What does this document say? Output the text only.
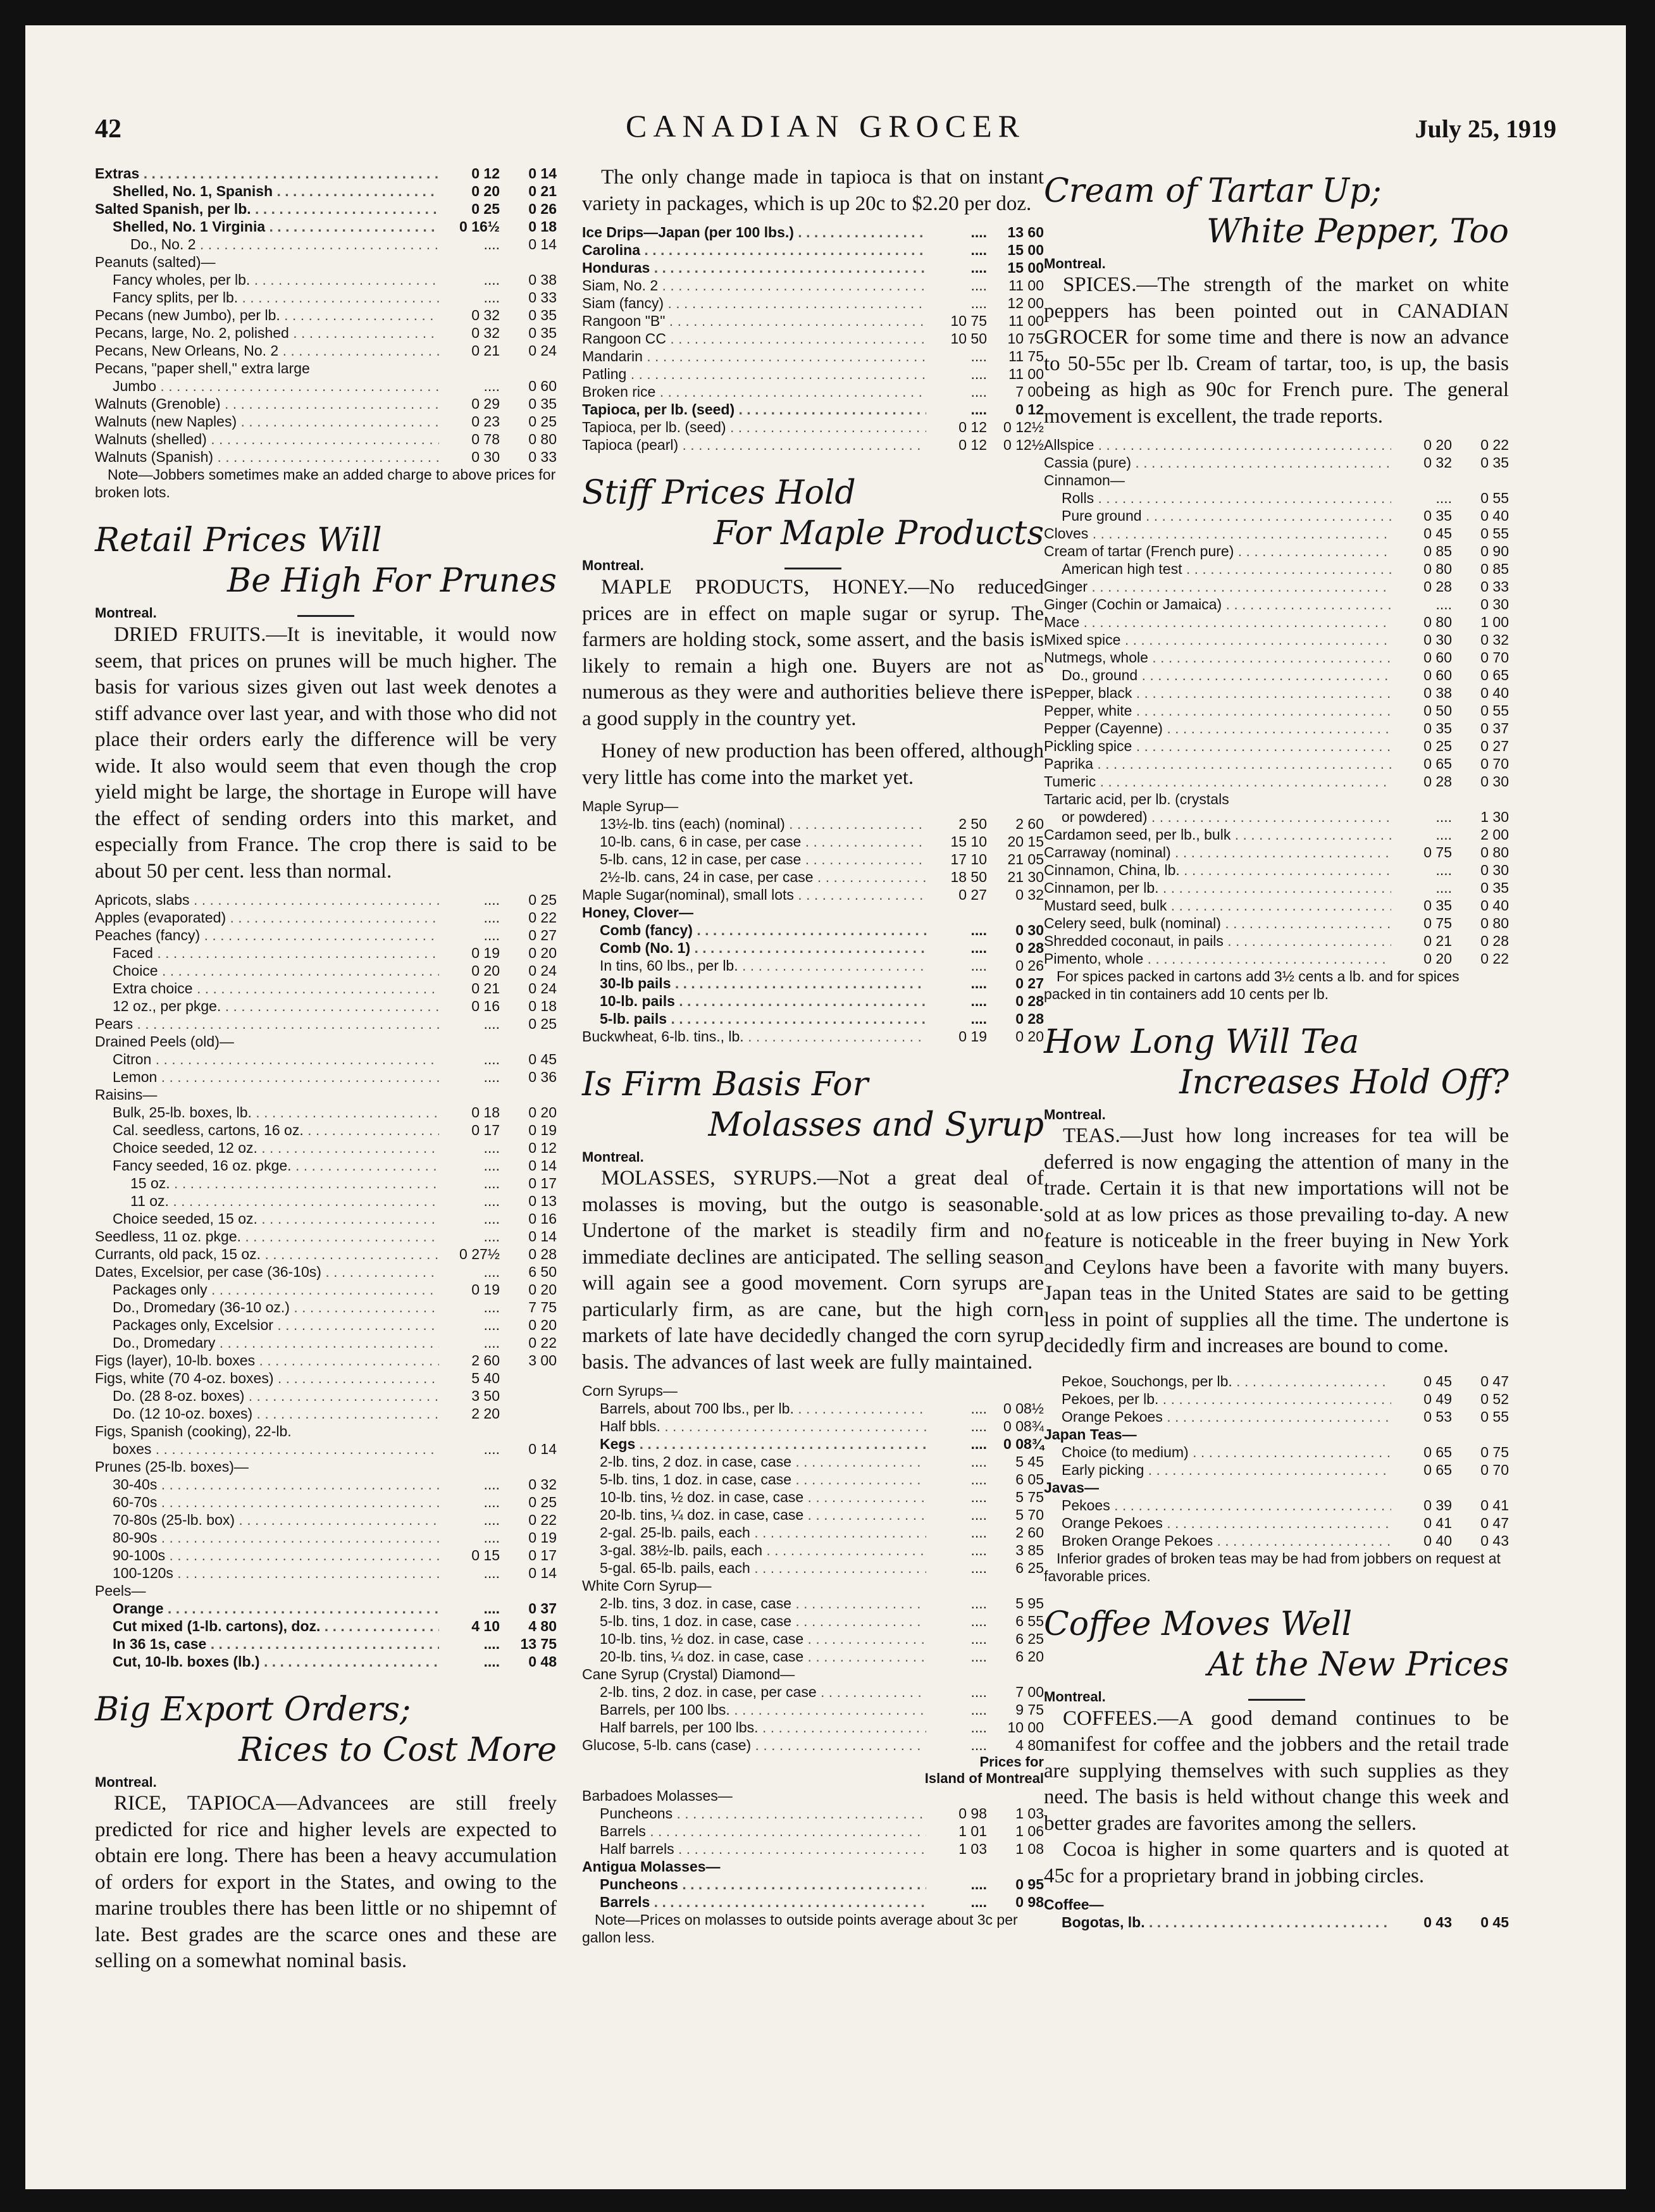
42	CANADIAN GROCER	July 25, 1919
Extras . . .	0 12	0 14
Shelled, No. 1, Spanish . . .	0 20	0 21
Salted Spanish, per lb. . . .	0 25	0 26
Shelled, No. 1 Virginia . . .	0 16½	0 18
Do., No. 2 . . .	....	0 14
Peanuts (salted)—		
Fancy wholes, per lb. . . .	....	0 38
Fancy splits, per lb. . . .	....	0 33
Pecans (new Jumbo), per lb. . . .	0 32	0 35
Pecans, large, No. 2, polished . . .	0 32	0 35
Pecans, New Orleans, No. 2 . . .	0 21	0 24
Pecans, "paper shell," extra large		
Jumbo . . .	....	0 60
Walnuts (Grenoble) . . .	0 29	0 35
Walnuts (new Naples) . . .	0 23	0 25
Walnuts (shelled) . . .	0 78	0 80
Walnuts (Spanish) . . .	0 30	0 33

Note—Jobbers sometimes make an added charge to above prices for broken lots.

Retail Prices Will
Be High For Prunes
Montreal.

DRIED FRUITS.—It is inevitable, it would now seem, that prices on prunes will be much higher. The basis for various sizes given out last week denotes a stiff advance over last year, and with those who did not place their orders early the difference will be very wide. It also would seem that even though the crop yield might be large, the shortage in Europe will have the effect of sending orders into this market, and especially from France. The crop there is said to be about 50 per cent. less than normal.

Apricots, slabs . . .	....	0 25
Apples (evaporated) . . .	....	0 22
Peaches (fancy) . . .	....	0 27
Faced . . .	0 19	0 20
Choice . . .	0 20	0 24
Extra choice . . .	0 21	0 24
12 oz., per pkge. . . .	0 16	0 18
Pears . . .	....	0 25
Drained Peels (old)—		
Citron . . .	....	0 45
Lemon . . .	....	0 36
Raisins—		
Bulk, 25-lb. boxes, lb. . . .	0 18	0 20
Cal. seedless, cartons, 16 oz. . . .	0 17	0 19
Choice seeded, 12 oz. . . .	....	0 12
Fancy seeded, 16 oz. pkge. . . .	....	0 14
15 oz. . . .	....	0 17
11 oz. . . .	....	0 13
Choice seeded, 15 oz. . . .	....	0 16
Seedless, 11 oz. pkge. . . .	....	0 14
Currants, old pack, 15 oz. . . .	0 27½	0 28
Dates, Excelsior, per case (36-10s) . . .	....	6 50
Packages only . . .	0 19	0 20
Do., Dromedary (36-10 oz.) . . .	....	7 75
Packages only, Excelsior . . .	....	0 20
Do., Dromedary . . .	....	0 22
Figs (layer), 10-lb. boxes . . .	2 60	3 00
Figs, white (70 4-oz. boxes) . . .	5 40	
Do. (28 8-oz. boxes) . . .	3 50	
Do. (12 10-oz. boxes) . . .	2 20	
Figs, Spanish (cooking), 22-lb.		
boxes . . .	....	0 14
Prunes (25-lb. boxes)—		
30-40s . . .	....	0 32
60-70s . . .	....	0 25
70-80s (25-lb. box) . . .	....	0 22
80-90s . . .	....	0 19
90-100s . . .	0 15	0 17
100-120s . . .	....	0 14
Peels—		
Orange . . .	....	0 37
Cut mixed (1-lb. cartons), doz. . . .	4 10	4 80
In 36 1s, case . . .	....	13 75
Cut, 10-lb. boxes (lb.) . . .	....	0 48
Big Export Orders;
Rices to Cost More
Montreal.

RICE, TAPIOCA—Advancees are still freely predicted for rice and higher levels are expected to obtain ere long. There has been a heavy accumulation of orders for export in the States, and owing to the marine troubles there has been little or no shipemnt of late. Best grades are the scarce ones and these are selling on a somewhat nominal basis.

The only change made in tapioca is that on instant variety in packages, which is up 20c to $2.20 per doz.

Ice Drips—Japan (per 100 lbs.) . . .	....	13 60
Carolina . . .	....	15 00
Honduras . . .	....	15 00
Siam, No. 2 . . .	....	11 00
Siam (fancy) . . .	....	12 00
Rangoon "B" . . .	10 75	11 00
Rangoon CC . . .	10 50	10 75
Mandarin . . .	....	11 75
Patling . . .	....	11 00
Broken rice . . .	....	7 00
Tapioca, per lb. (seed) . . .	....	0 12
Tapioca, per lb. (seed) . . .	0 12	0 12½
Tapioca (pearl) . . .	0 12	0 12½
Stiff Prices Hold
For Maple Products
Montreal.

MAPLE PRODUCTS, HONEY.—No reduced prices are in effect on maple sugar or syrup. The farmers are holding stock, some assert, and the basis is likely to remain a high one. Buyers are not as numerous as they were and authorities believe there is a good supply in the country yet.

Honey of new production has been offered, although very little has come into the market yet.

Maple Syrup—		
13½-lb. tins (each) (nominal) . . .	2 50	2 60
10-lb. cans, 6 in case, per case . . .	15 10	20 15
5-lb. cans, 12 in case, per case . . .	17 10	21 05
2½-lb. cans, 24 in case, per case . . .	18 50	21 30
Maple Sugar(nominal), small lots . . .	0 27	0 32
Honey, Clover—		
Comb (fancy) . . .	....	0 30
Comb (No. 1) . . .	....	0 28
In tins, 60 lbs., per lb. . . .	....	0 26
30-lb pails . . .	....	0 27
10-lb. pails . . .	....	0 28
5-lb. pails . . .	....	0 28
Buckwheat, 6-lb. tins., lb. . . .	0 19	0 20
Is Firm Basis For
Molasses and Syrup
Montreal.

MOLASSES, SYRUPS.—Not a great deal of molasses is moving, but the outgo is seasonable. Undertone of the market is steadily firm and no immediate declines are anticipated. The selling season will again see a good movement. Corn syrups are particularly firm, as are cane, but the high corn markets of late have decidedly changed the corn syrup basis. The advances of last week are fully maintained.

Corn Syrups—		
Barrels, about 700 lbs., per lb. . . .	....	0 08½
Half bbls. . . .	....	0 08¾
Kegs . . .	....	0 08¾
2-lb. tins, 2 doz. in case, case . . .	....	5 45
5-lb. tins, 1 doz. in case, case . . .	....	6 05
10-lb. tins, ½ doz. in case, case . . .	....	5 75
20-lb. tins, ¼ doz. in case, case . . .	....	5 70
2-gal. 25-lb. pails, each . . .	....	2 60
3-gal. 38½-lb. pails, each . . .	....	3 85
5-gal. 65-lb. pails, each . . .	....	6 25
White Corn Syrup—		
2-lb. tins, 3 doz. in case, case . . .	....	5 95
5-lb. tins, 1 doz. in case, case . . .	....	6 55
10-lb. tins, ½ doz. in case, case . . .	....	6 25
20-lb. tins, ¼ doz. in case, case . . .	....	6 20
Cane Syrup (Crystal) Diamond—		
2-lb. tins, 2 doz. in case, per case . . .	....	7 00
Barrels, per 100 lbs. . . .	....	9 75
Half barrels, per 100 lbs. . . .	....	10 00
Glucose, 5-lb. cans (case) . . .	....	4 80
Prices for
Island of Montreal
Barbadoes Molasses—		
Puncheons . . .	0 98	1 03
Barrels . . .	1 01	1 06
Half barrels . . .	1 03	1 08
Antigua Molasses—		
Puncheons . . .	....	0 95
Barrels . . .	....	0 98

Note—Prices on molasses to outside points average about 3c per gallon less.

Cream of Tartar Up;
White Pepper, Too
Montreal.

SPICES.—The strength of the market on white peppers has been pointed out in CANADIAN GROCER for some time and there is now an advance to 50-55c per lb. Cream of tartar, too, is up, the basis being as high as 90c for French pure. The general movement is excellent, the trade reports.

Allspice . . .	0 20	0 22
Cassia (pure) . . .	0 32	0 35
Cinnamon—		
Rolls . . .	....	0 55
Pure ground . . .	0 35	0 40
Cloves . . .	0 45	0 55
Cream of tartar (French pure) . . .	0 85	0 90
American high test . . .	0 80	0 85
Ginger . . .	0 28	0 33
Ginger (Cochin or Jamaica) . . .	....	0 30
Mace . . .	0 80	1 00
Mixed spice . . .	0 30	0 32
Nutmegs, whole . . .	0 60	0 70
Do., ground . . .	0 60	0 65
Pepper, black . . .	0 38	0 40
Pepper, white . . .	0 50	0 55
Pepper (Cayenne) . . .	0 35	0 37
Pickling spice . . .	0 25	0 27
Paprika . . .	0 65	0 70
Tumeric . . .	0 28	0 30
Tartaric acid, per lb. (crystals		
or powdered) . . .	....	1 30
Cardamon seed, per lb., bulk . . .	....	2 00
Carraway (nominal) . . .	0 75	0 80
Cinnamon, China, lb. . . .	....	0 30
Cinnamon, per lb. . . .	....	0 35
Mustard seed, bulk . . .	0 35	0 40
Celery seed, bulk (nominal) . . .	0 75	0 80
Shredded coconaut, in pails . . .	0 21	0 28
Pimento, whole . . .	0 20	0 22

For spices packed in cartons add 3½ cents a lb. and for spices packed in tin containers add 10 cents per lb.

How Long Will Tea
Increases Hold Off?
Montreal.

TEAS.—Just how long increases for tea will be deferred is now engaging the attention of many in the trade. Certain it is that new importations will not be sold at as low prices as those prevailing to-day. A new feature is noticeable in the freer buying in New York and Ceylons have been a favorite with many buyers. Japan teas in the United States are said to be getting less in point of supplies all the time. The undertone is decidedly firm and increases are bound to come.

Pekoe, Souchongs, per lb. . . .	0 45	0 47
Pekoes, per lb. . . .	0 49	0 52
Orange Pekoes . . .	0 53	0 55
Japan Teas—		
Choice (to medium) . . .	0 65	0 75
Early picking . . .	0 65	0 70
Javas—		
Pekoes . . .	0 39	0 41
Orange Pekoes . . .	0 41	0 47
Broken Orange Pekoes . . .	0 40	0 43

Inferior grades of broken teas may be had from jobbers on request at favorable prices.

Coffee Moves Well
At the New Prices
Montreal.

COFFEES.—A good demand continues to be manifest for coffee and the jobbers and the retail trade are supplying themselves with such supplies as they need. The basis is held without change this week and better grades are favorites among the sellers.

Cocoa is higher in some quarters and is quoted at 45c for a proprietary brand in jobbing circles.

Coffee—		
Bogotas, lb. . . .	0 43	0 45
